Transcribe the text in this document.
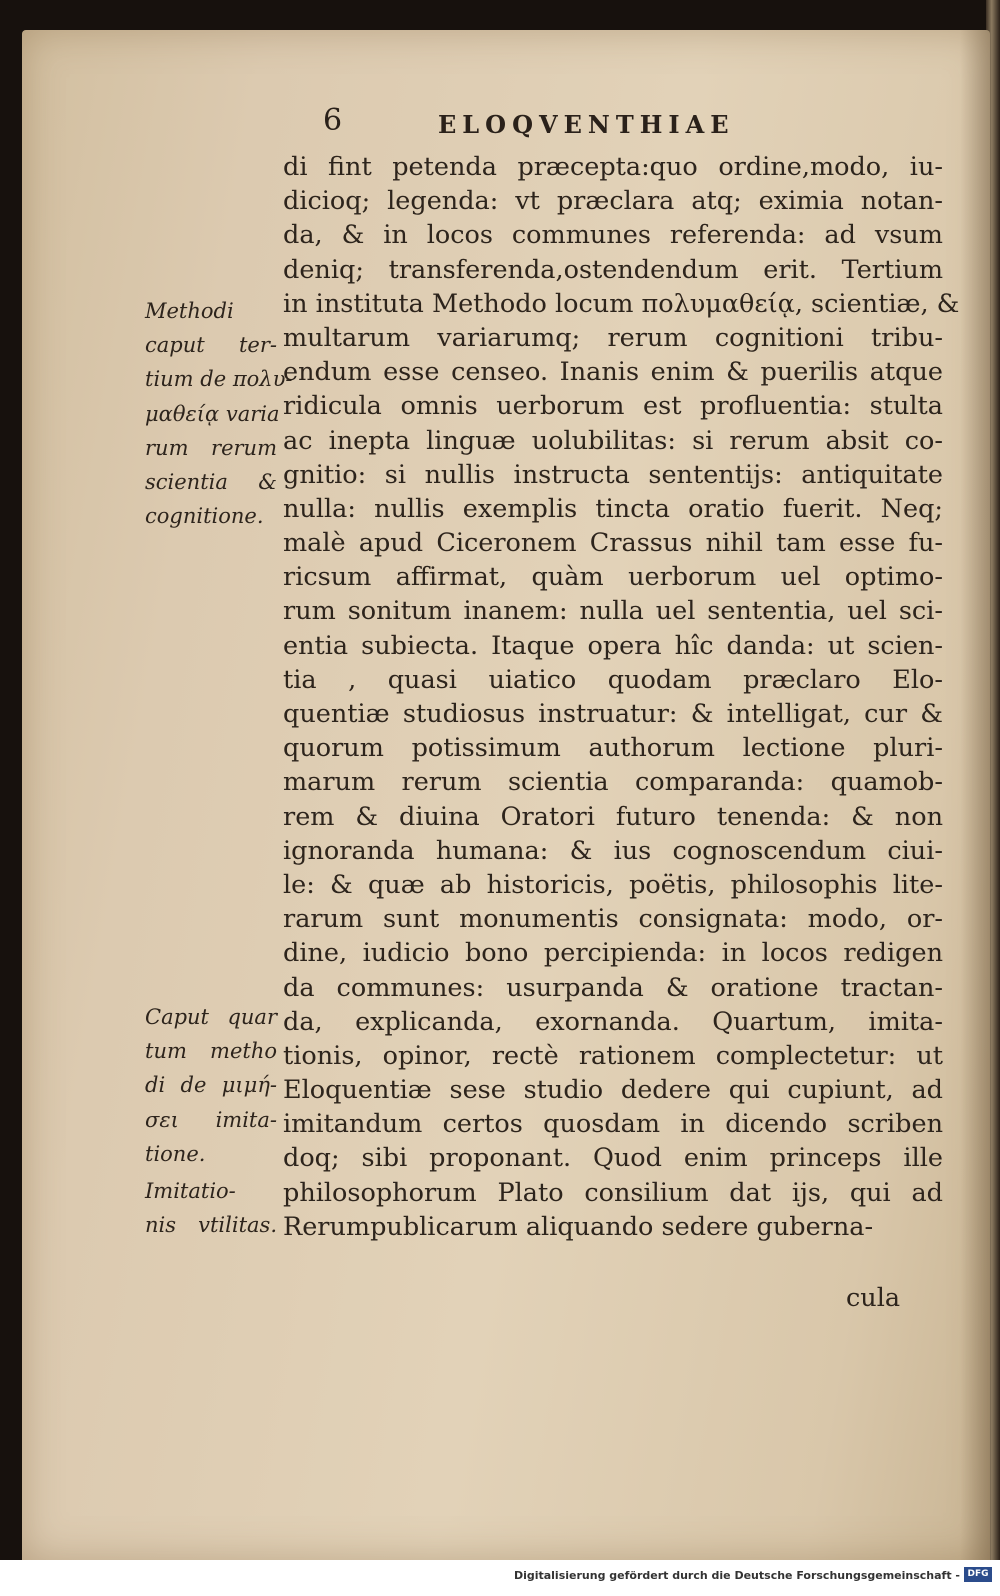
6	ELOQVENTHIAE
di fint petenda præcepta:quo ordine,modo, iu-
dicioq; legenda: vt præclara atq; eximia notan-
da, & in locos communes referenda: ad vsum
deniq; transferenda,ostendendum erit. Tertium
in instituta Methodo locum πολυμαθείᾳ, scientiæ, &
multarum variarumq; rerum cognitioni tribu-
endum esse censeo. Inanis enim & puerilis atque
ridicula omnis uerborum est profluentia: stulta
ac inepta linguæ uolubilitas: si rerum absit co-
gnitio: si nullis instructa sententijs: antiquitate
nulla: nullis exemplis tincta oratio fuerit. Neq;
malè apud Ciceronem Crassus nihil tam esse fu-
ricsum affirmat, quàm uerborum uel optimo-
rum sonitum inanem: nulla uel sententia, uel sci-
entia subiecta. Itaque opera hîc danda: ut scien-
tia , quasi uiatico quodam præclaro Elo-
quentiæ studiosus instruatur: & intelligat, cur &
quorum potissimum authorum lectione pluri-
marum rerum scientia comparanda: quamob-
rem & diuina Oratori futuro tenenda: & non
ignoranda humana: & ius cognoscendum ciui-
le: & quæ ab historicis, poëtis, philosophis lite-
rarum sunt monumentis consignata: modo, or-
dine, iudicio bono percipienda: in locos redigen
da communes: usurpanda & oratione tractan-
da, explicanda, exornanda. Quartum, imita-
tionis, opinor, rectè rationem complectetur: ut
Eloquentiæ sese studio dedere qui cupiunt, ad
imitandum certos quosdam in dicendo scriben
doq; sibi proponant. Quod enim princeps ille
philosophorum Plato consilium dat ijs, qui ad
Rerumpublicarum aliquando sedere guberna-
cula
Methodi
caput ter-
tium de πολυ-
μαθείᾳ varia
rum rerum
scientia &
cognitione.
Caput quar
tum metho
di de μιμή-
σει imita-
tione.
Imitatio-
nis vtilitas.
Digitalisierung gefördert durch die Deutsche Forschungsgemeinschaft - DFG
